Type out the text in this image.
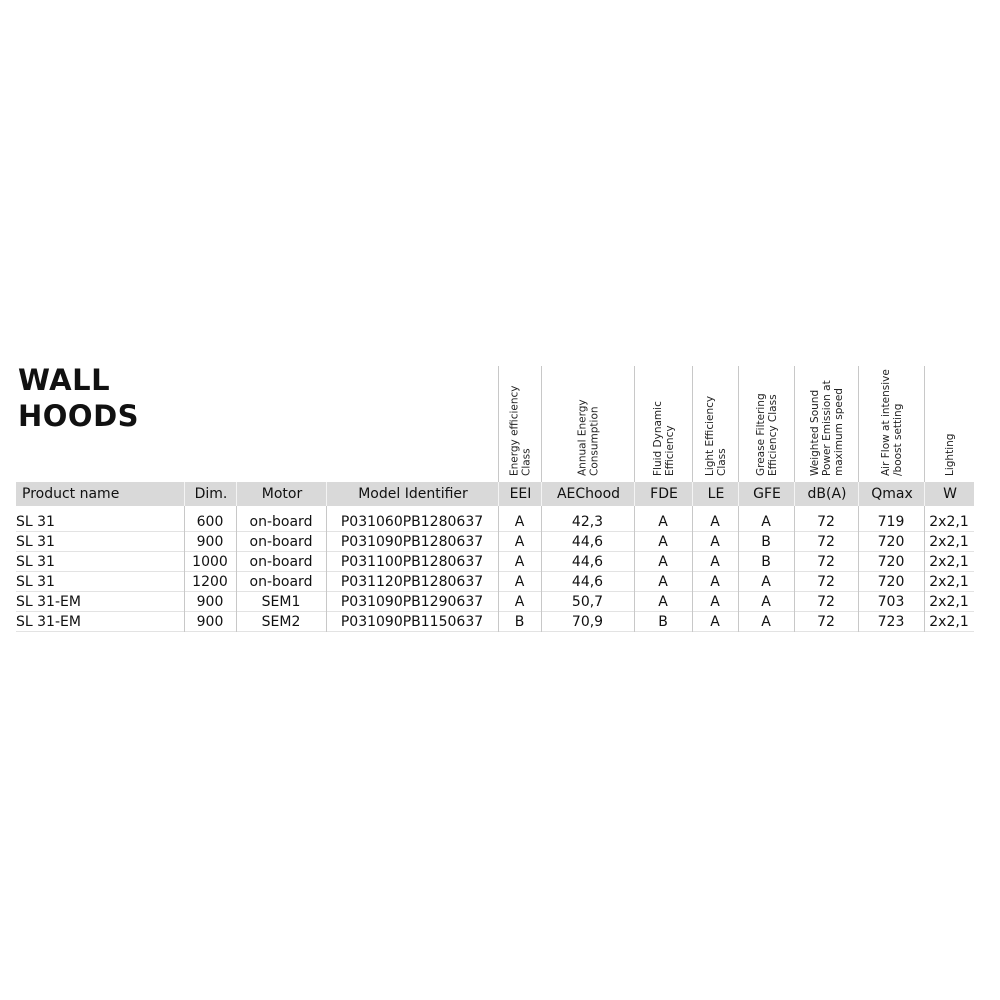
WALL
HOODS	Energy efficiency Class	Annual Energy Consumption	Fluid Dynamic Efficiency	Light Efficiency Class	Grease Filtering Efficiency Class	Weighted Sound Power Emission at maximum speed	Air Flow at intensive /boost setting	Lighting
Product name	Dim.	Motor	Model Identifier	EEI	AEChood	FDE	LE	GFE	dB(A)	Qmax	W
SL 31	600	on-board	P031060PB1280637	A	42,3	A	A	A	72	719	2x2,1
SL 31	900	on-board	P031090PB1280637	A	44,6	A	A	B	72	720	2x2,1
SL 31	1000	on-board	P031100PB1280637	A	44,6	A	A	B	72	720	2x2,1
SL 31	1200	on-board	P031120PB1280637	A	44,6	A	A	A	72	720	2x2,1
SL 31-EM	900	SEM1	P031090PB1290637	A	50,7	A	A	A	72	703	2x2,1
SL 31-EM	900	SEM2	P031090PB1150637	B	70,9	B	A	A	72	723	2x2,1
